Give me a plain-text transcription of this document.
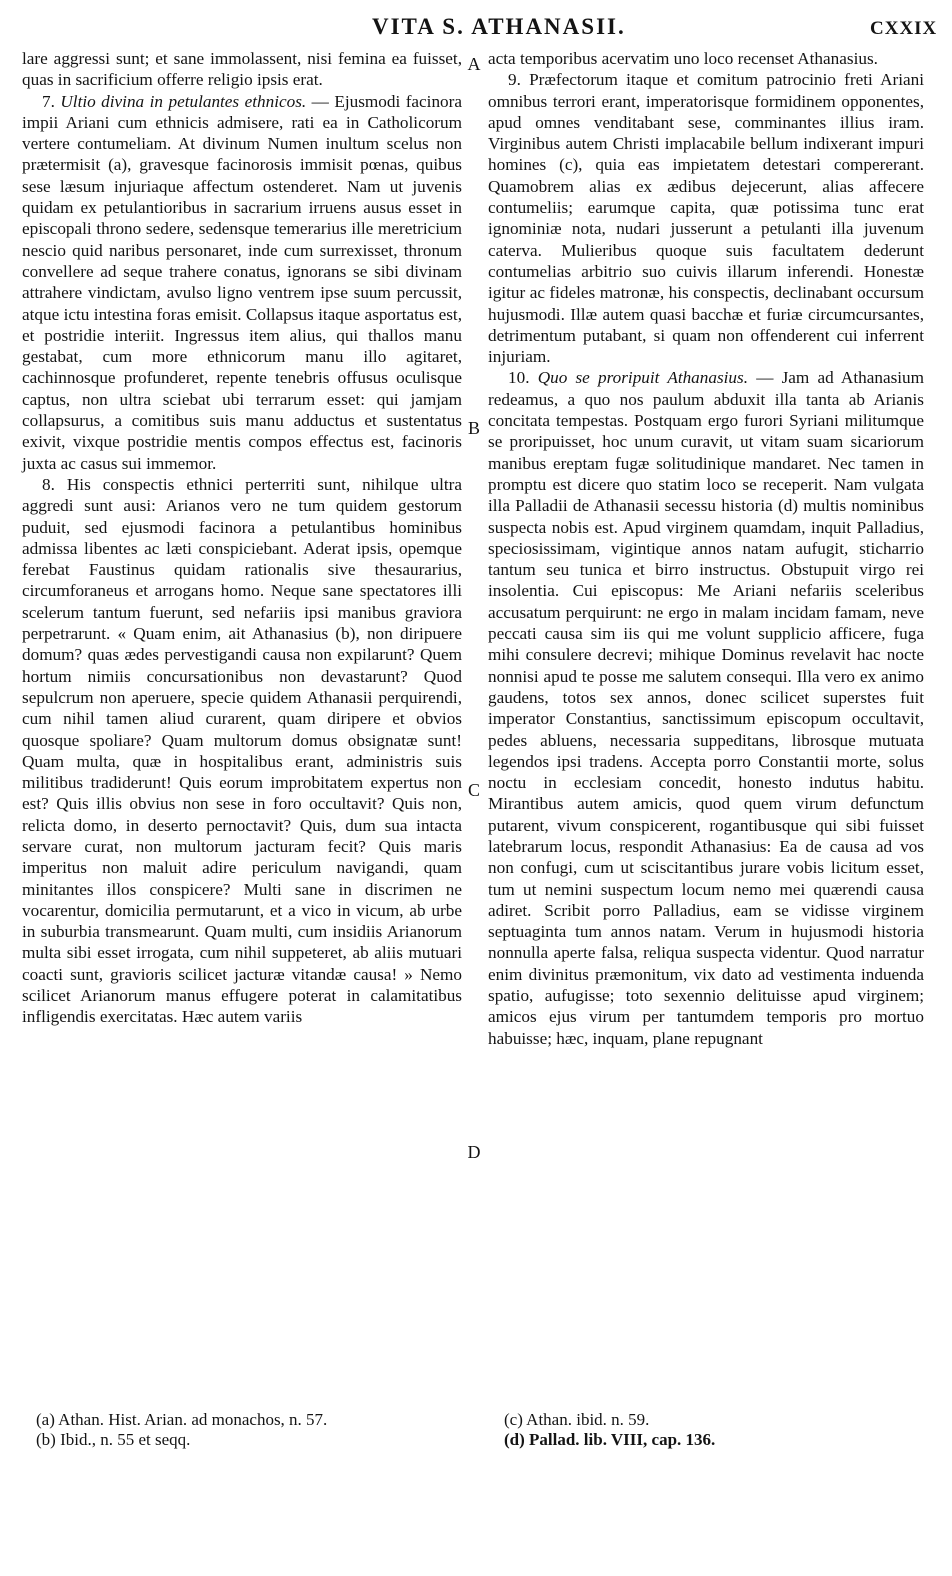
VITA S. ATHANASII.	CXXIX

lare aggressi sunt; et sane immolassent, nisi femina ea fuisset, quas in sacrificium offerre religio ipsis erat.

7. Ultio divina in petulantes ethnicos. — Ejusmodi facinora impii Ariani cum ethnicis admisere, rati ea in Catholicorum vertere contumeliam. At divinum Numen inultum scelus non prætermisit (a), gravesque facinorosis immisit pœnas, quibus sese læsum injuriaque affectum ostenderet. Nam ut juvenis quidam ex petulantioribus in sacrarium irruens ausus esset in episcopali throno sedere, sedensque temerarius ille meretricium nescio quid naribus personaret, inde cum surrexisset, thronum convellere ad seque trahere conatus, ignorans se sibi divinam attrahere vindictam, avulso ligno ventrem ipse suum percussit, atque ictu intestina foras emisit. Collapsus itaque asportatus est, et postridie interiit. Ingressus item alius, qui thallos manu gestabat, cum more ethnicorum manu illo agitaret, cachinnosque profunderet, repente tenebris offusus oculisque captus, non ultra sciebat ubi terrarum esset: qui jamjam collapsurus, a comitibus suis manu adductus et sustentatus exivit, vixque postridie mentis compos effectus est, facinoris juxta ac casus sui immemor.

8. His conspectis ethnici perterriti sunt, nihilque ultra aggredi sunt ausi: Arianos vero ne tum quidem gestorum puduit, sed ejusmodi facinora a petulantibus hominibus admissa libentes ac læti conspiciebant. Aderat ipsis, opemque ferebat Faustinus quidam rationalis sive thesaurarius, circumforaneus et arrogans homo. Neque sane spectatores illi scelerum tantum fuerunt, sed nefariis ipsi manibus graviora perpetrarunt. « Quam enim, ait Athanasius (b), non diripuere domum? quas ædes pervestigandi causa non expilarunt? Quem hortum nimiis concursationibus non devastarunt? Quod sepulcrum non aperuere, specie quidem Athanasii perquirendi, cum nihil tamen aliud curarent, quam diripere et obvios quosque spoliare? Quam multorum domus obsignatæ sunt! Quam multa, quæ in hospitalibus erant, administris suis militibus tradiderunt! Quis eorum improbitatem expertus non est? Quis illis obvius non sese in foro occultavit? Quis non, relicta domo, in deserto pernoctavit? Quis, dum sua intacta servare curat, non multorum jacturam fecit? Quis maris imperitus non maluit adire periculum navigandi, quam minitantes illos conspicere? Multi sane in discrimen ne vocarentur, domicilia permutarunt, et a vico in vicum, ab urbe in suburbia transmearunt. Quam multi, cum insidiis Arianorum multa sibi esset irrogata, cum nihil suppeteret, ab aliis mutuari coacti sunt, gravioris scilicet jacturæ vitandæ causa! » Nemo scilicet Arianorum manus effugere poterat in calamitatibus infligendis exercitatas. Hæc autem variis

A
B
C
D

acta temporibus acervatim uno loco recenset Athanasius.

9. Præfectorum itaque et comitum patrocinio freti Ariani omnibus terrori erant, imperatorisque formidinem opponentes, apud omnes venditabant sese, comminantes illius iram. Virginibus autem Christi implacabile bellum indixerant impuri homines (c), quia eas impietatem detestari compererant. Quamobrem alias ex ædibus dejecerunt, alias affecere contumeliis; earumque capita, quæ potissima tunc erat ignominiæ nota, nudari jusserunt a petulanti illa juvenum caterva. Mulieribus quoque suis facultatem dederunt contumelias arbitrio suo cuivis illarum inferendi. Honestæ igitur ac fideles matronæ, his conspectis, declinabant occursum hujusmodi. Illæ autem quasi bacchæ et furiæ circumcursantes, detrimentum putabant, si quam non offenderent cui inferrent injuriam.

10. Quo se proripuit Athanasius. — Jam ad Athanasium redeamus, a quo nos paulum abduxit illa tanta ab Arianis concitata tempestas. Postquam ergo furori Syriani militumque se proripuisset, hoc unum curavit, ut vitam suam sicariorum manibus ereptam fugæ solitudinique mandaret. Nec tamen in promptu est dicere quo statim loco se receperit. Nam vulgata illa Palladii de Athanasii secessu historia (d) multis nominibus suspecta nobis est. Apud virginem quamdam, inquit Palladius, speciosissimam, vigintique annos natam aufugit, sticharrio tantum seu tunica et birro instructus. Obstupuit virgo rei insolentia. Cui episcopus: Me Ariani nefariis sceleribus accusatum perquirunt: ne ergo in malam incidam famam, neve peccati causa sim iis qui me volunt supplicio afficere, fuga mihi consulere decrevi; mihique Dominus revelavit hac nocte nonnisi apud te posse me salutem consequi. Illa vero ex animo gaudens, totos sex annos, donec scilicet superstes fuit imperator Constantius, sanctissimum episcopum occultavit, pedes abluens, necessaria suppeditans, librosque mutuata legendos ipsi tradens. Accepta porro Constantii morte, solus noctu in ecclesiam concedit, honesto indutus habitu. Mirantibus autem amicis, quod quem virum defunctum putarent, vivum conspicerent, rogantibusque qui sibi fuisset latebrarum locus, respondit Athanasius: Ea de causa ad vos non confugi, cum ut sciscitantibus jurare vobis licitum esset, tum ut nemini suspectum locum nemo mei quærendi causa adiret. Scribit porro Palladius, eam se vidisse virginem septuaginta tum annos natam. Verum in hujusmodi historia nonnulla aperte falsa, reliqua suspecta videntur. Quod narratur enim divinitus præmonitum, vix dato ad vestimenta induenda spatio, aufugisse; toto sexennio delituisse apud virginem; amicos ejus virum per tantumdem temporis pro mortuo habuisse; hæc, inquam, plane repugnant

(a) Athan. Hist. Arian. ad monachos, n. 57.
(b) Ibid., n. 55 et seqq.
(c) Athan. ibid. n. 59.
(d) Pallad. lib. VIII, cap. 136.
